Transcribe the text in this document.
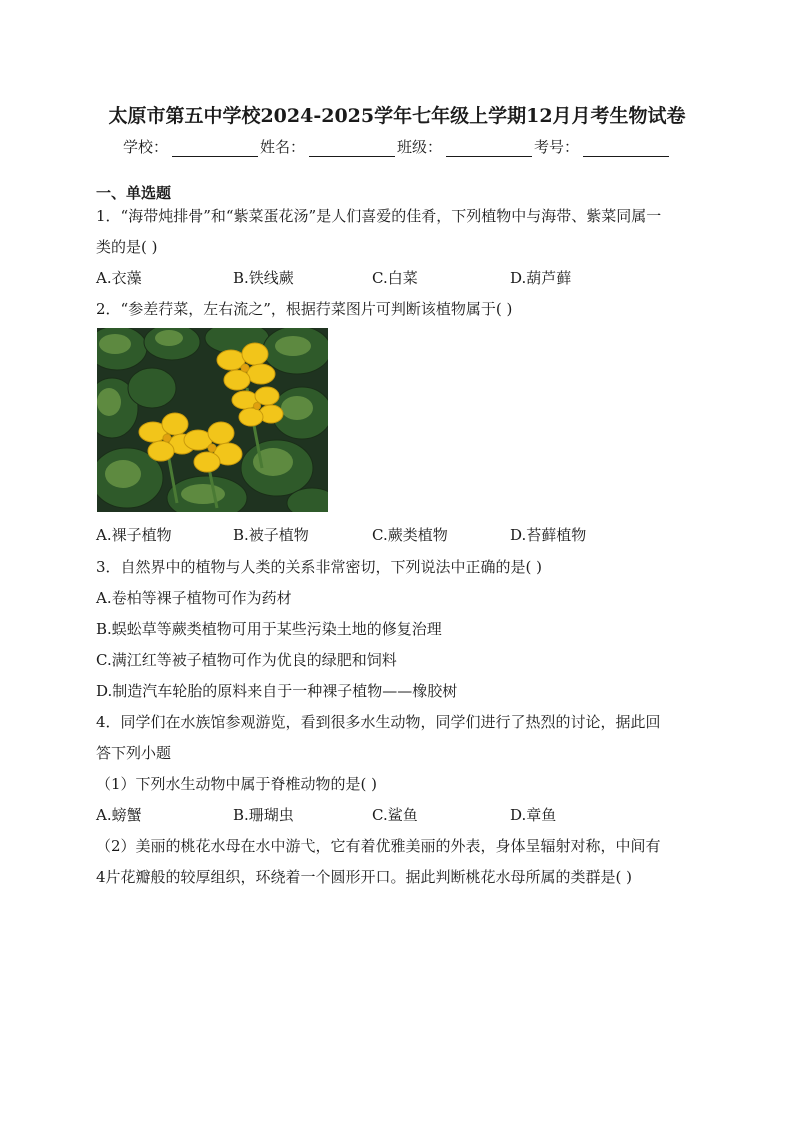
太原市第五中学校2024-2025学年七年级上学期12月月考生物试卷
学校：	姓名：	班级：	考号：
一、单选题
1．“海带炖排骨”和“紫菜蛋花汤”是人们喜爱的佳肴，下列植物中与海带、紫菜同属一
类的是( )
A.衣藻	B.铁线蕨	C.白菜	D.葫芦藓
2．“参差荇菜，左右流之”，根据荇菜图片可判断该植物属于( )
A.裸子植物	B.被子植物	C.蕨类植物	D.苔藓植物
3．自然界中的植物与人类的关系非常密切，下列说法中正确的是( )
A.卷柏等裸子植物可作为药材
B.蜈蚣草等蕨类植物可用于某些污染土地的修复治理
C.满江红等被子植物可作为优良的绿肥和饲料
D.制造汽车轮胎的原料来自于一种裸子植物——橡胶树
4．同学们在水族馆参观游览，看到很多水生动物，同学们进行了热烈的讨论，据此回
答下列小题
（1）下列水生动物中属于脊椎动物的是( )
A.螃蟹	B.珊瑚虫	C.鲨鱼	D.章鱼
（2）美丽的桃花水母在水中游弋，它有着优雅美丽的外表，身体呈辐射对称，中间有
4片花瓣般的较厚组织，环绕着一个圆形开口。据此判断桃花水母所属的类群是( )
